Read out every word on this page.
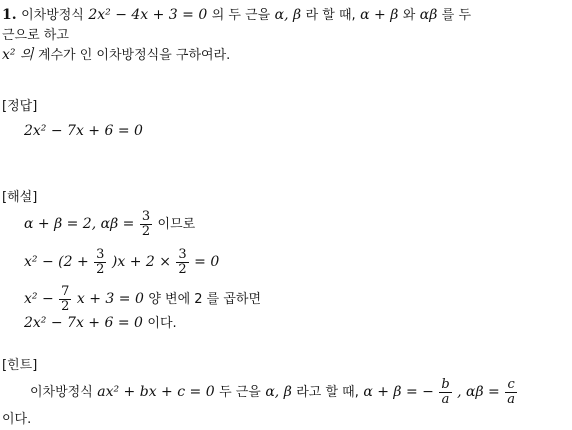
1. 이차방정식 2x² − 4x + 3 = 0 의 두 근을 α, β 라 할 때, α + β 와 αβ 를 두
근으로 하고
x² 의 계수가 인 이차방정식을 구하여라.
[정답]
2x² − 7x + 6 = 0
[해설]
α + β = 2, $\alpha\beta = \frac{3}{2}$ 이므로
$x^2 - (2 + \frac{3}{2} )x + 2 \times \frac{3}{2} = 0$
$x^2 - \frac{7}{2}$ x + 3 = 0 양 변에 2 를 곱하면
2x² − 7x + 6 = 0 이다.
[힌트]
이차방정식 ax² + bx + c = 0 두 근을 α, β 라고 할 때, α + β = − $\frac{b}{a}$ , $\alpha\beta = \frac{c}{a}$
이다.
